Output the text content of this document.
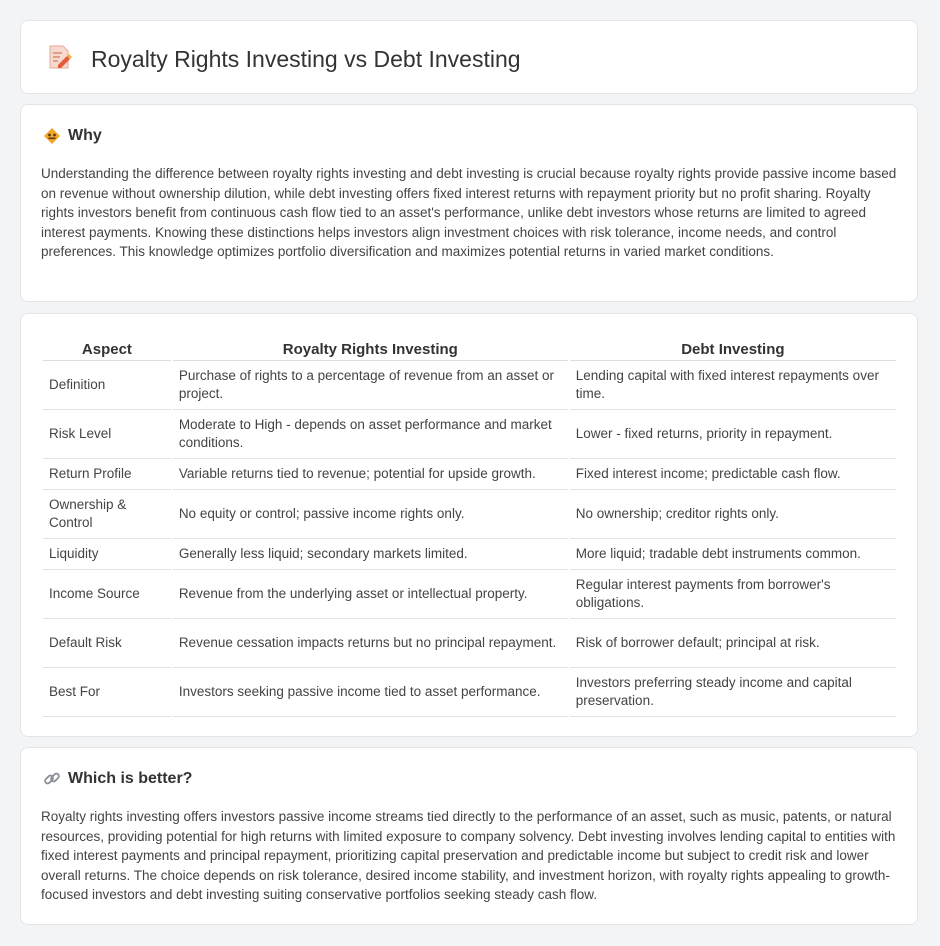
Royalty Rights Investing vs Debt Investing
Why

Understanding the difference between royalty rights investing and debt investing is crucial because royalty rights provide passive income based on revenue without ownership dilution, while debt investing offers fixed interest returns with repayment priority but no profit sharing. Royalty rights investors benefit from continuous cash flow tied to an asset's performance, unlike debt investors whose returns are limited to agreed interest payments. Knowing these distinctions helps investors align investment choices with risk tolerance, income needs, and control preferences. This knowledge optimizes portfolio diversification and maximizes potential returns in varied market conditions.

Aspect	Royalty Rights Investing	Debt Investing
Definition	Purchase of rights to a percentage of revenue from an asset or project.	Lending capital with fixed interest repayments over time.
Risk Level	Moderate to High - depends on asset performance and market conditions.	Lower - fixed returns, priority in repayment.
Return Profile	Variable returns tied to revenue; potential for upside growth.	Fixed interest income; predictable cash flow.
Ownership & Control	No equity or control; passive income rights only.	No ownership; creditor rights only.
Liquidity	Generally less liquid; secondary markets limited.	More liquid; tradable debt instruments common.
Income Source	Revenue from the underlying asset or intellectual property.	Regular interest payments from borrower's obligations.
Default Risk	Revenue cessation impacts returns but no principal repayment.	Risk of borrower default; principal at risk.
Best For	Investors seeking passive income tied to asset performance.	Investors preferring steady income and capital preservation.
Which is better?

Royalty rights investing offers investors passive income streams tied directly to the performance of an asset, such as music, patents, or natural resources, providing potential for high returns with limited exposure to company solvency. Debt investing involves lending capital to entities with fixed interest payments and principal repayment, prioritizing capital preservation and predictable income but subject to credit risk and lower overall returns. The choice depends on risk tolerance, desired income stability, and investment horizon, with royalty rights appealing to growth-focused investors and debt investing suiting conservative portfolios seeking steady cash flow.
